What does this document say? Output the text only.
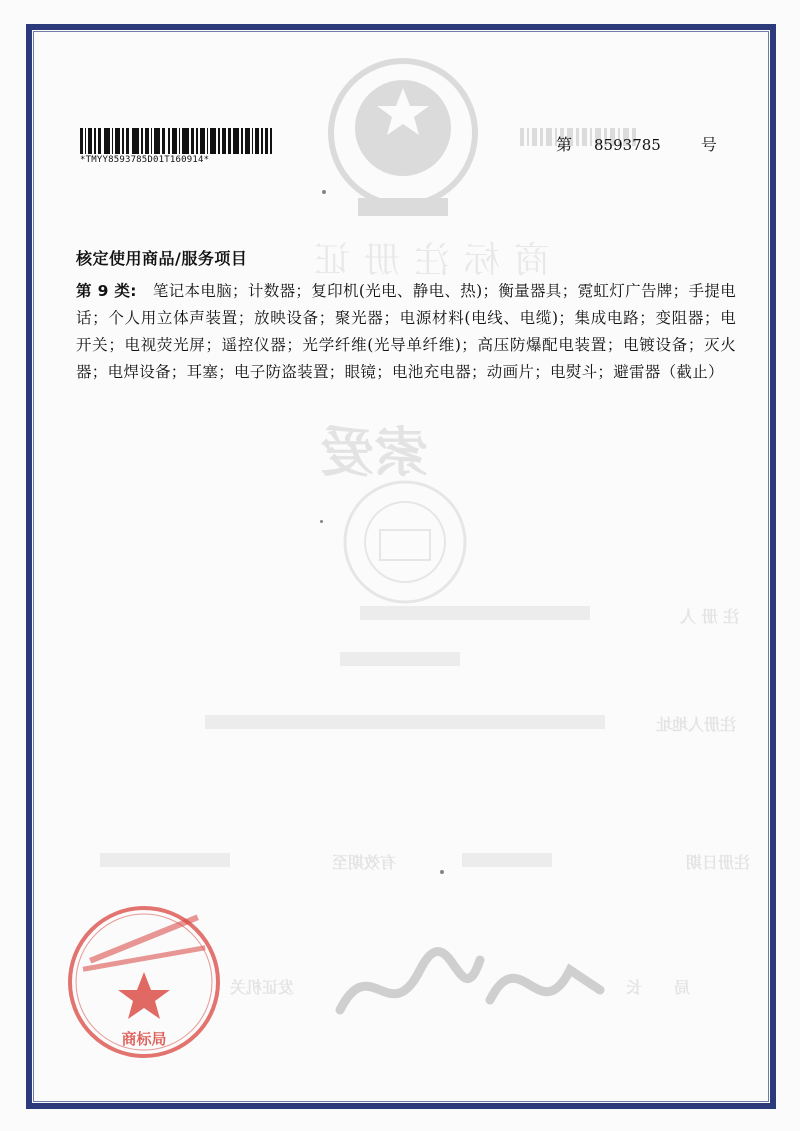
商标注册证
索爱
注 册 人
注册人地址
注册日期
有效期至
局　　长
发证机关
*TMYY8593785D01T160914*
第 8593785	号
核定使用商品/服务项目
第 9 类: 笔记本电脑；计数器；复印机(光电、静电、热)；衡量器具；霓虹灯广告牌；手提电话；个人用立体声装置；放映设备；聚光器；电源材料(电线、电缆)；集成电路；变阻器；电开关；电视荧光屏；遥控仪器；光学纤维(光导单纤维)；高压防爆配电装置；电镀设备；灭火器；电焊设备；耳塞；电子防盗装置；眼镜；电池充电器；动画片；电熨斗；避雷器（截止）
商标局
